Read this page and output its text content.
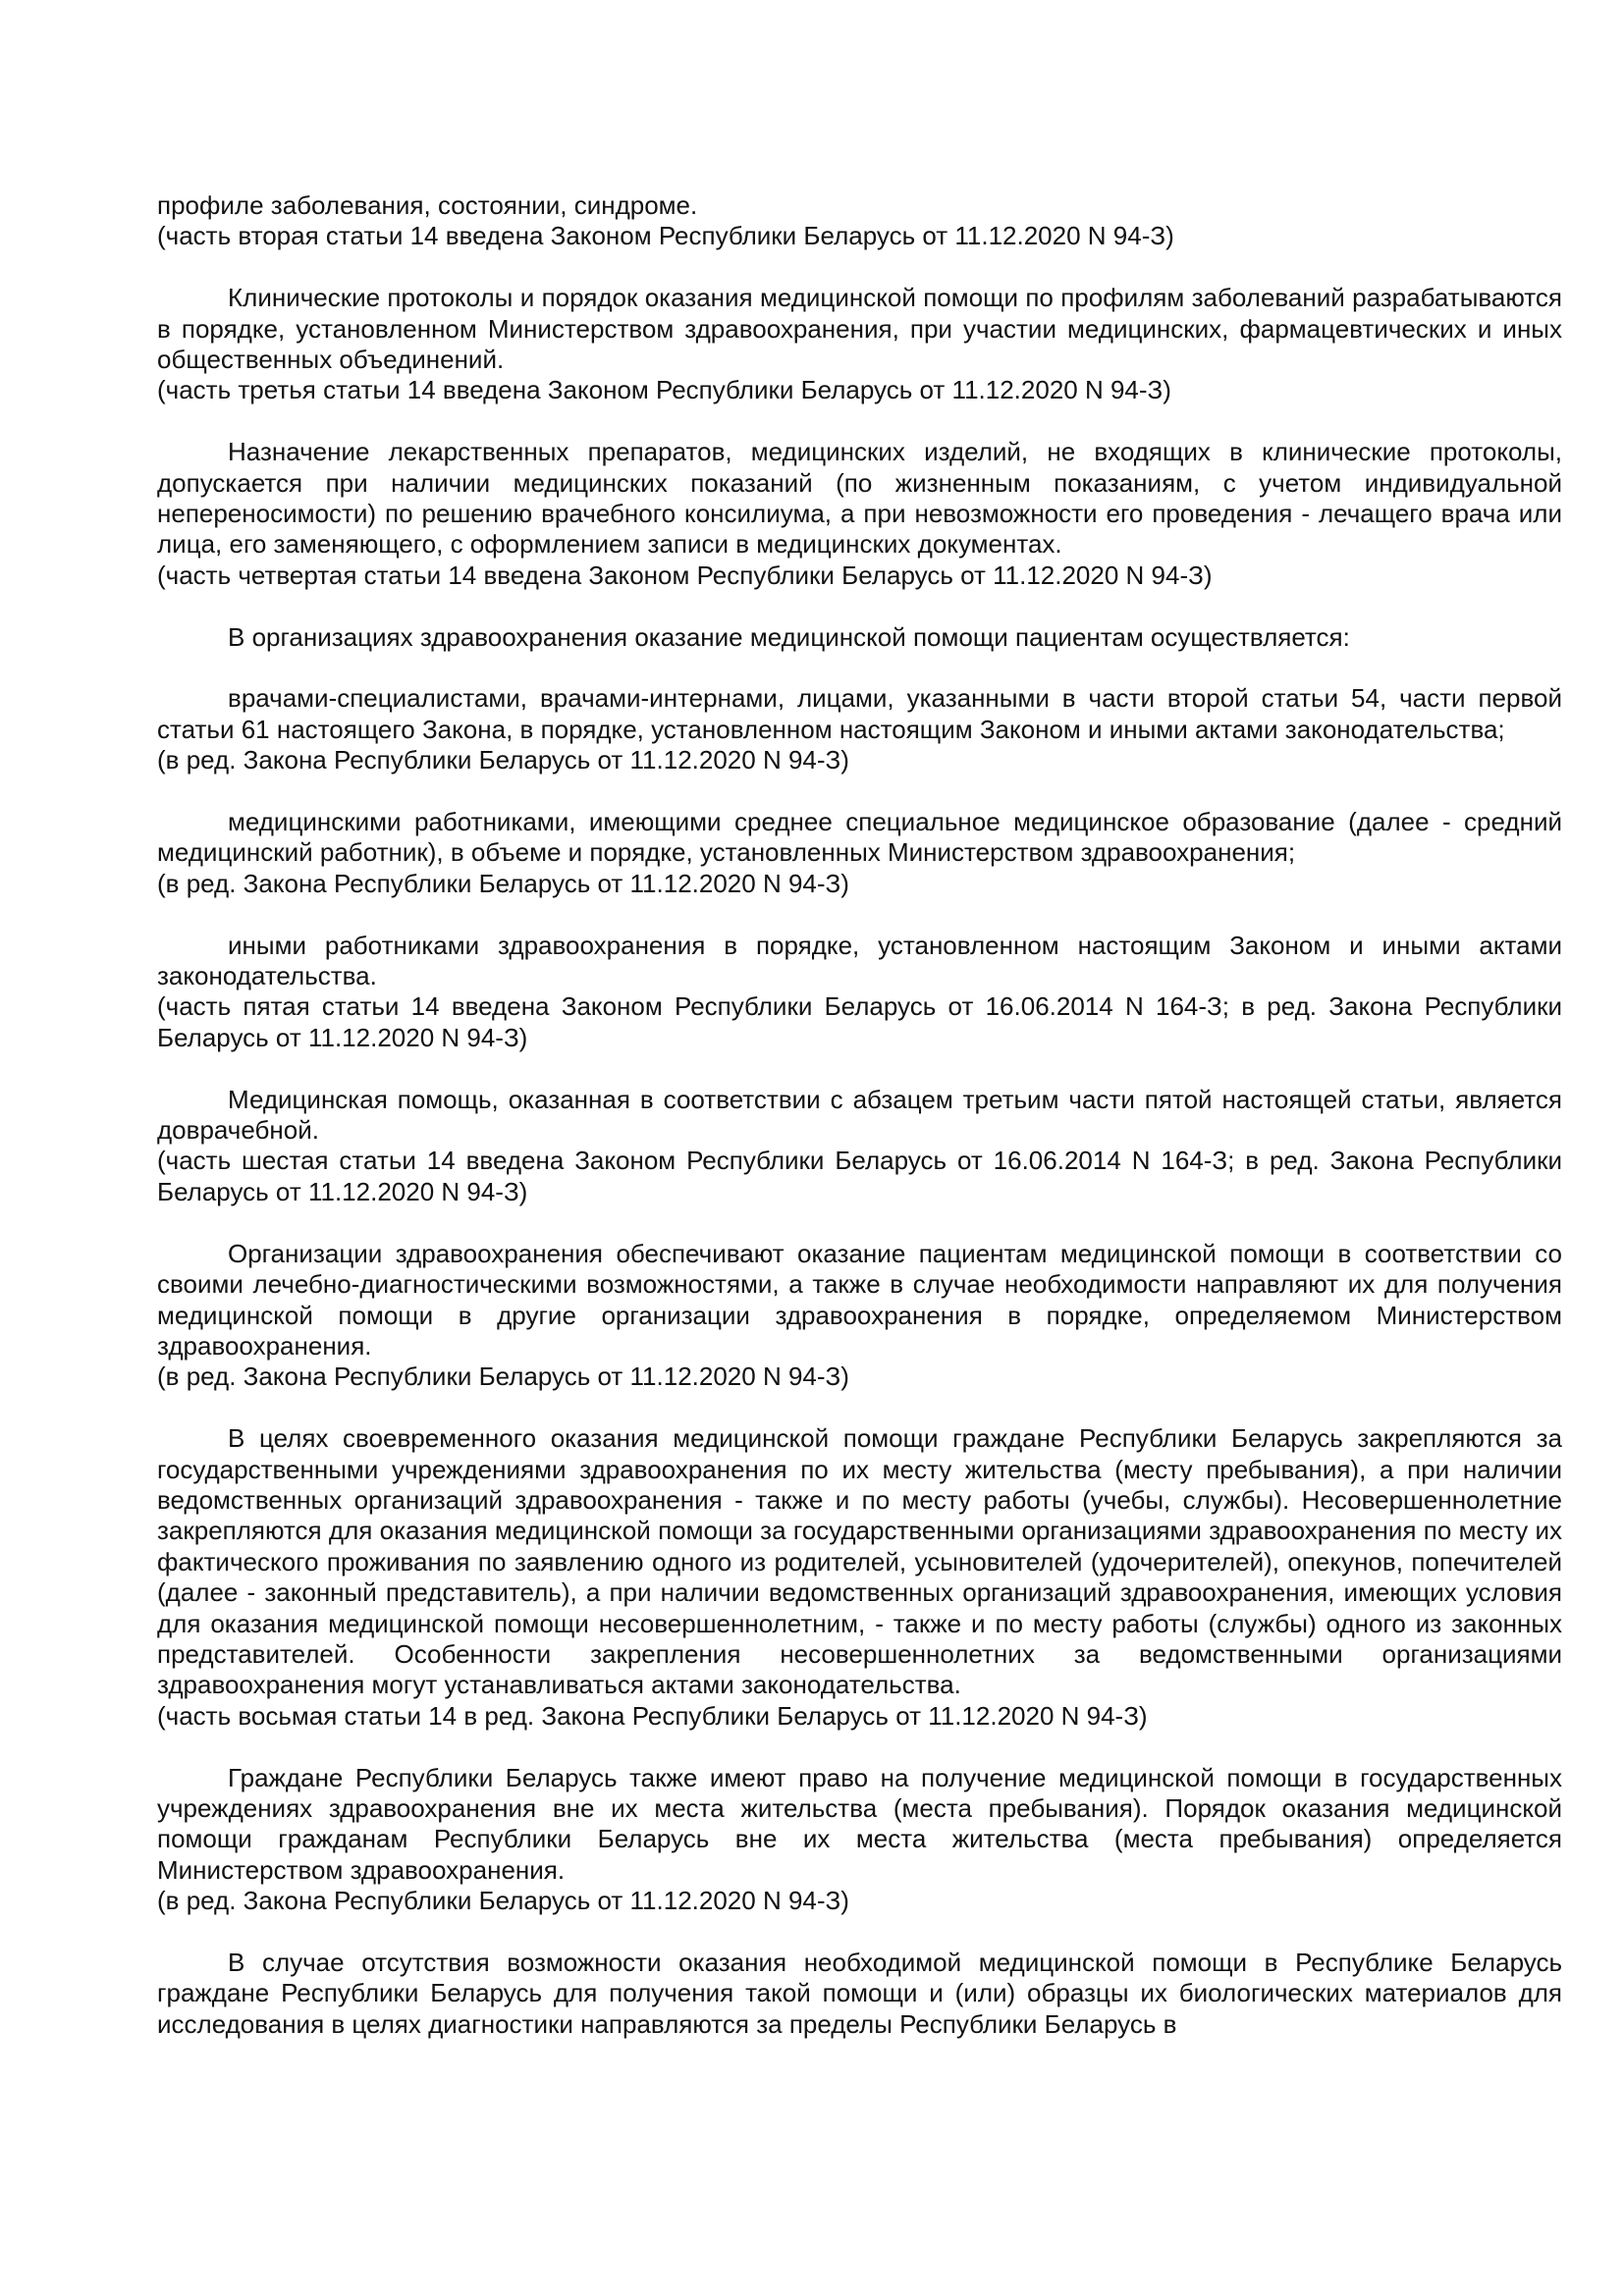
профиле заболевания, состоянии, синдроме.

(часть вторая статьи 14 введена Законом Республики Беларусь от 11.12.2020 N 94-З)

Клинические протоколы и порядок оказания медицинской помощи по профилям заболеваний разрабатываются в порядке, установленном Министерством здравоохранения, при участии медицинских, фармацевтических и иных общественных объединений.

(часть третья статьи 14 введена Законом Республики Беларусь от 11.12.2020 N 94-З)

Назначение лекарственных препаратов, медицинских изделий, не входящих в клинические протоколы, допускается при наличии медицинских показаний (по жизненным показаниям, с учетом индивидуальной непереносимости) по решению врачебного консилиума, а при невозможности его проведения - лечащего врача или лица, его заменяющего, с оформлением записи в медицинских документах.

(часть четвертая статьи 14 введена Законом Республики Беларусь от 11.12.2020 N 94-З)

В организациях здравоохранения оказание медицинской помощи пациентам осуществляется:

врачами-специалистами, врачами-интернами, лицами, указанными в части второй статьи 54, части первой статьи 61 настоящего Закона, в порядке, установленном настоящим Законом и иными актами законодательства;

(в ред. Закона Республики Беларусь от 11.12.2020 N 94-З)

медицинскими работниками, имеющими среднее специальное медицинское образование (далее - средний медицинский работник), в объеме и порядке, установленных Министерством здравоохранения;

(в ред. Закона Республики Беларусь от 11.12.2020 N 94-З)

иными работниками здравоохранения в порядке, установленном настоящим Законом и иными актами законодательства.

(часть пятая статьи 14 введена Законом Республики Беларусь от 16.06.2014 N 164-З; в ред. Закона Республики Беларусь от 11.12.2020 N 94-З)

Медицинская помощь, оказанная в соответствии с абзацем третьим части пятой настоящей статьи, является доврачебной.

(часть шестая статьи 14 введена Законом Республики Беларусь от 16.06.2014 N 164-З; в ред. Закона Республики Беларусь от 11.12.2020 N 94-З)

Организации здравоохранения обеспечивают оказание пациентам медицинской помощи в соответствии со своими лечебно-диагностическими возможностями, а также в случае необходимости направляют их для получения медицинской помощи в другие организации здравоохранения в порядке, определяемом Министерством здравоохранения.

(в ред. Закона Республики Беларусь от 11.12.2020 N 94-З)

В целях своевременного оказания медицинской помощи граждане Республики Беларусь закрепляются за государственными учреждениями здравоохранения по их месту жительства (месту пребывания), а при наличии ведомственных организаций здравоохранения - также и по месту работы (учебы, службы). Несовершеннолетние закрепляются для оказания медицинской помощи за государственными организациями здравоохранения по месту их фактического проживания по заявлению одного из родителей, усыновителей (удочерителей), опекунов, попечителей (далее - законный представитель), а при наличии ведомственных организаций здравоохранения, имеющих условия для оказания медицинской помощи несовершеннолетним, - также и по месту работы (службы) одного из законных представителей. Особенности закрепления несовершеннолетних за ведомственными организациями здравоохранения могут устанавливаться актами законодательства.

(часть восьмая статьи 14 в ред. Закона Республики Беларусь от 11.12.2020 N 94-З)

Граждане Республики Беларусь также имеют право на получение медицинской помощи в государственных учреждениях здравоохранения вне их места жительства (места пребывания). Порядок оказания медицинской помощи гражданам Республики Беларусь вне их места жительства (места пребывания) определяется Министерством здравоохранения.

(в ред. Закона Республики Беларусь от 11.12.2020 N 94-З)

В случае отсутствия возможности оказания необходимой медицинской помощи в Республике Беларусь граждане Республики Беларусь для получения такой помощи и (или) образцы их биологических материалов для исследования в целях диагностики направляются за пределы Республики Беларусь в
